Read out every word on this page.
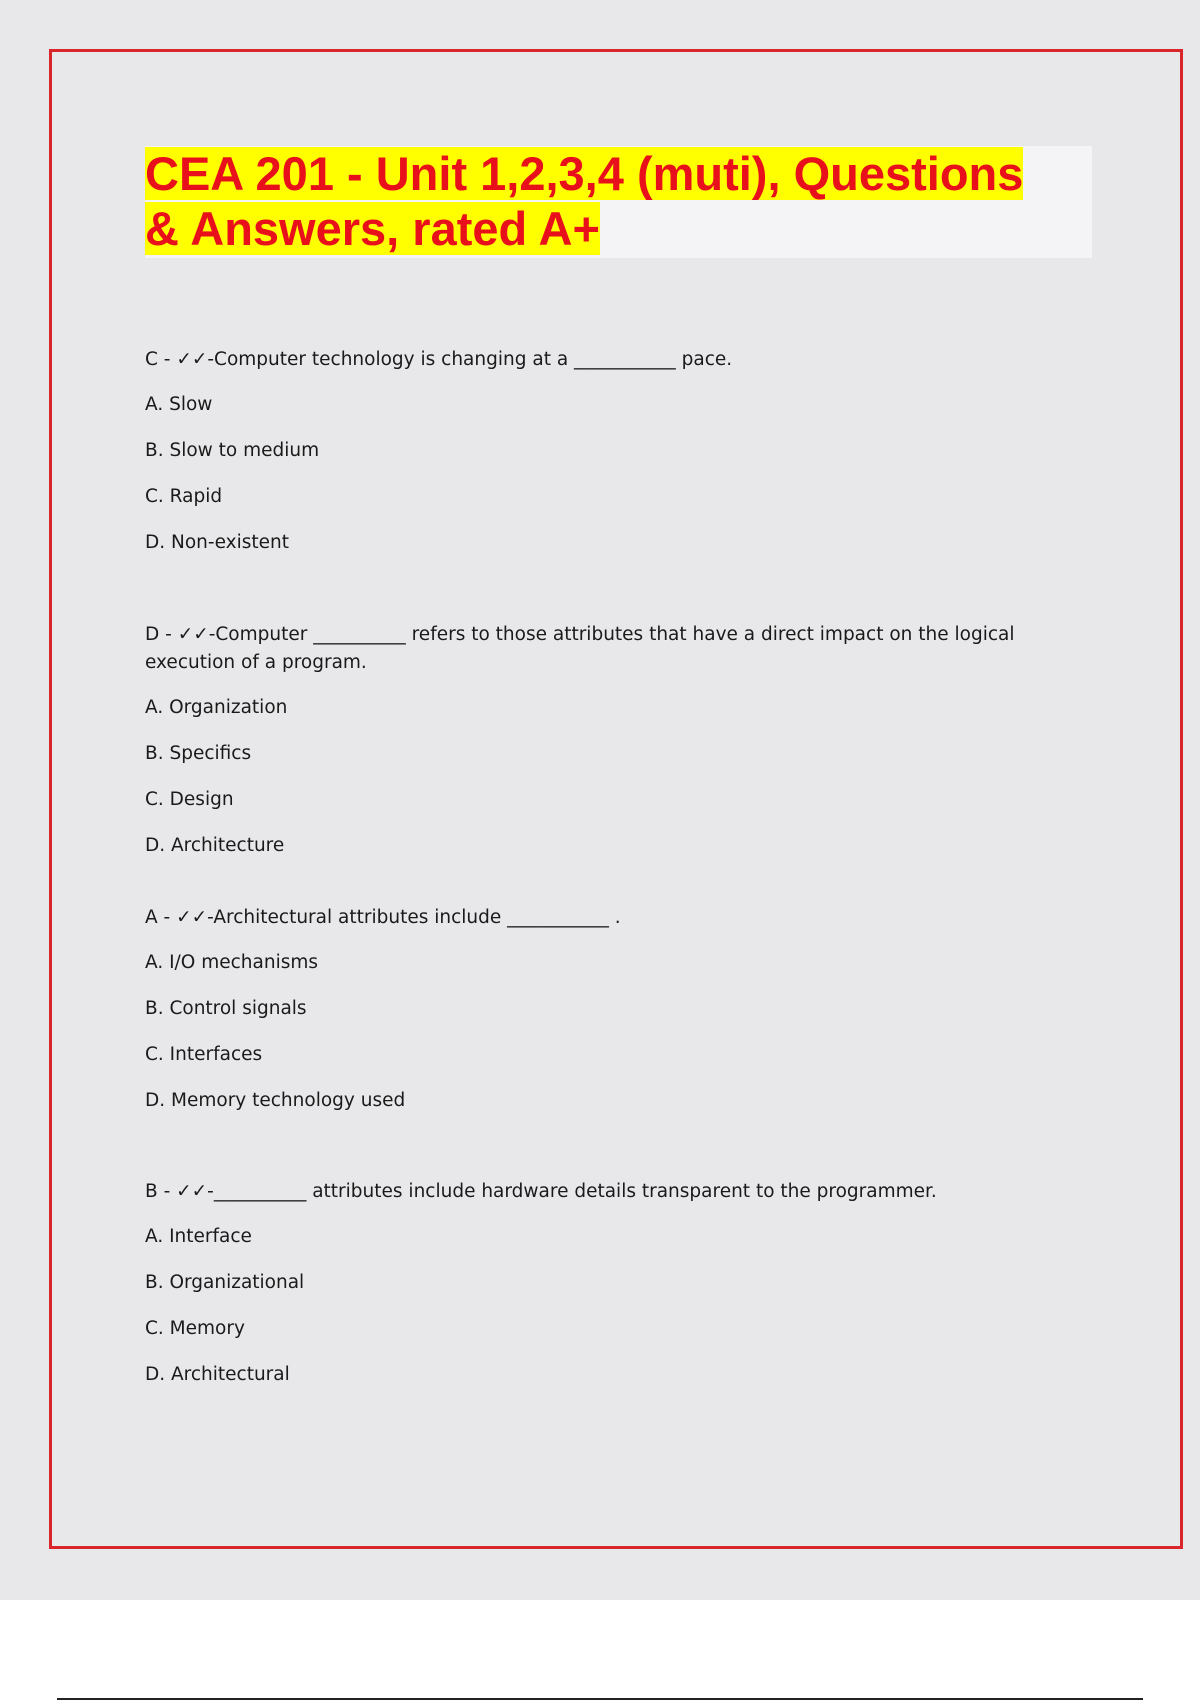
CEA 201 - Unit 1,2,3,4 (muti), Questions
& Answers, rated A+
C - ✓✓-Computer technology is changing at a ___________ pace.
A. Slow
B. Slow to medium
C. Rapid
D. Non-existent
D - ✓✓-Computer __________ refers to those attributes that have a direct impact on the logical execution of a program.
A. Organization
B. Specifics
C. Design
D. Architecture
A - ✓✓-Architectural attributes include ___________ .
A. I/O mechanisms
B. Control signals
C. Interfaces
D. Memory technology used
B - ✓✓-__________ attributes include hardware details transparent to the programmer.
A. Interface
B. Organizational
C. Memory
D. Architectural
